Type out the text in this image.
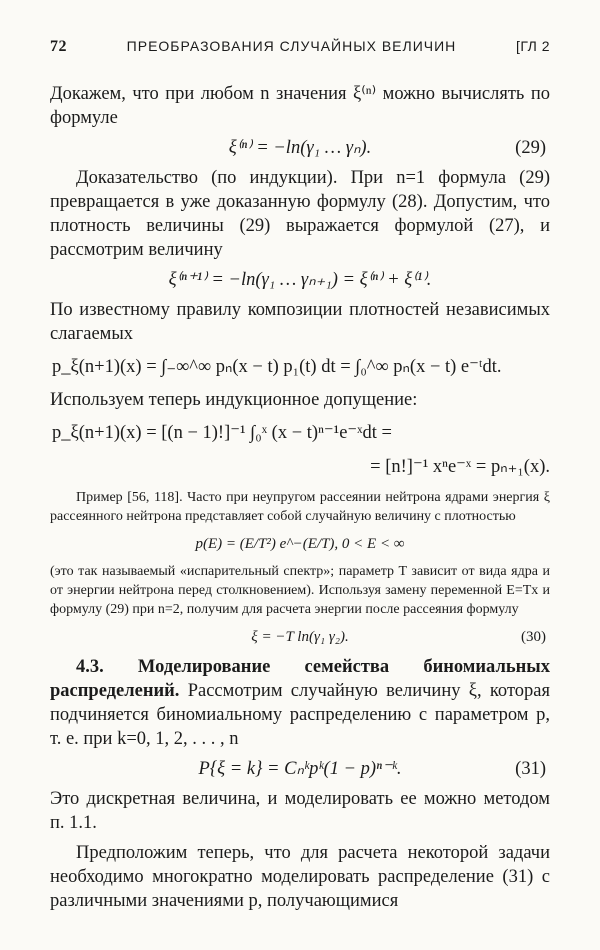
72	ПРЕОБРАЗОВАНИЯ СЛУЧАЙНЫХ ВЕЛИЧИН	[ГЛ 2

Докажем, что при любом n значения ξ⁽ⁿ⁾ можно вычислять по формуле

ξ⁽ⁿ⁾ = −ln(γ₁ … γₙ).	(29)

Доказательство (по индукции). При n=1 формула (29) превращается в уже доказанную формулу (28). Допустим, что плотность величины (29) выражается формулой (27), и рассмотрим величину

ξ⁽ⁿ⁺¹⁾ = −ln(γ₁ … γₙ₊₁) = ξ⁽ⁿ⁾ + ξ⁽¹⁾.

По известному правилу композиции плотностей независимых слагаемых

p_ξ(n+1)(x) = ∫₋∞^∞ pₙ(x − t) p₁(t) dt = ∫₀^∞ pₙ(x − t) e⁻ᵗdt.

Используем теперь индукционное допущение:

p_ξ(n+1)(x) = [(n − 1)!]⁻¹ ∫₀ˣ (x − t)ⁿ⁻¹e⁻ˣdt =
= [n!]⁻¹ xⁿe⁻ˣ = pₙ₊₁(x).

Пример [56, 118]. Часто при неупругом рассеянии нейтрона ядрами энергия ξ рассеянного нейтрона представляет собой случайную величину с плотностью

p(E) = (E/T²) e^−(E/T), 0 < E < ∞

(это так называемый «испарительный спектр»; параметр T зависит от вида ядра и от энергии нейтрона перед столкновением). Используя замену переменной E=Tx и формулу (29) при n=2, получим для расчета энергии после рассеяния формулу

ξ = −T ln(γ₁ γ₂).	(30)

4.3. Моделирование семейства биномиальных распределений. Рассмотрим случайную величину ξ, которая подчиняется биномиальному распределению с параметром p, т. е. при k=0, 1, 2, . . . , n

P{ξ = k} = Cₙᵏpᵏ(1 − p)ⁿ⁻ᵏ.	(31)

Это дискретная величина, и моделировать ее можно методом п. 1.1.

Предположим теперь, что для расчета некоторой задачи необходимо многократно моделировать распределение (31) с различными значениями p, получающимися
